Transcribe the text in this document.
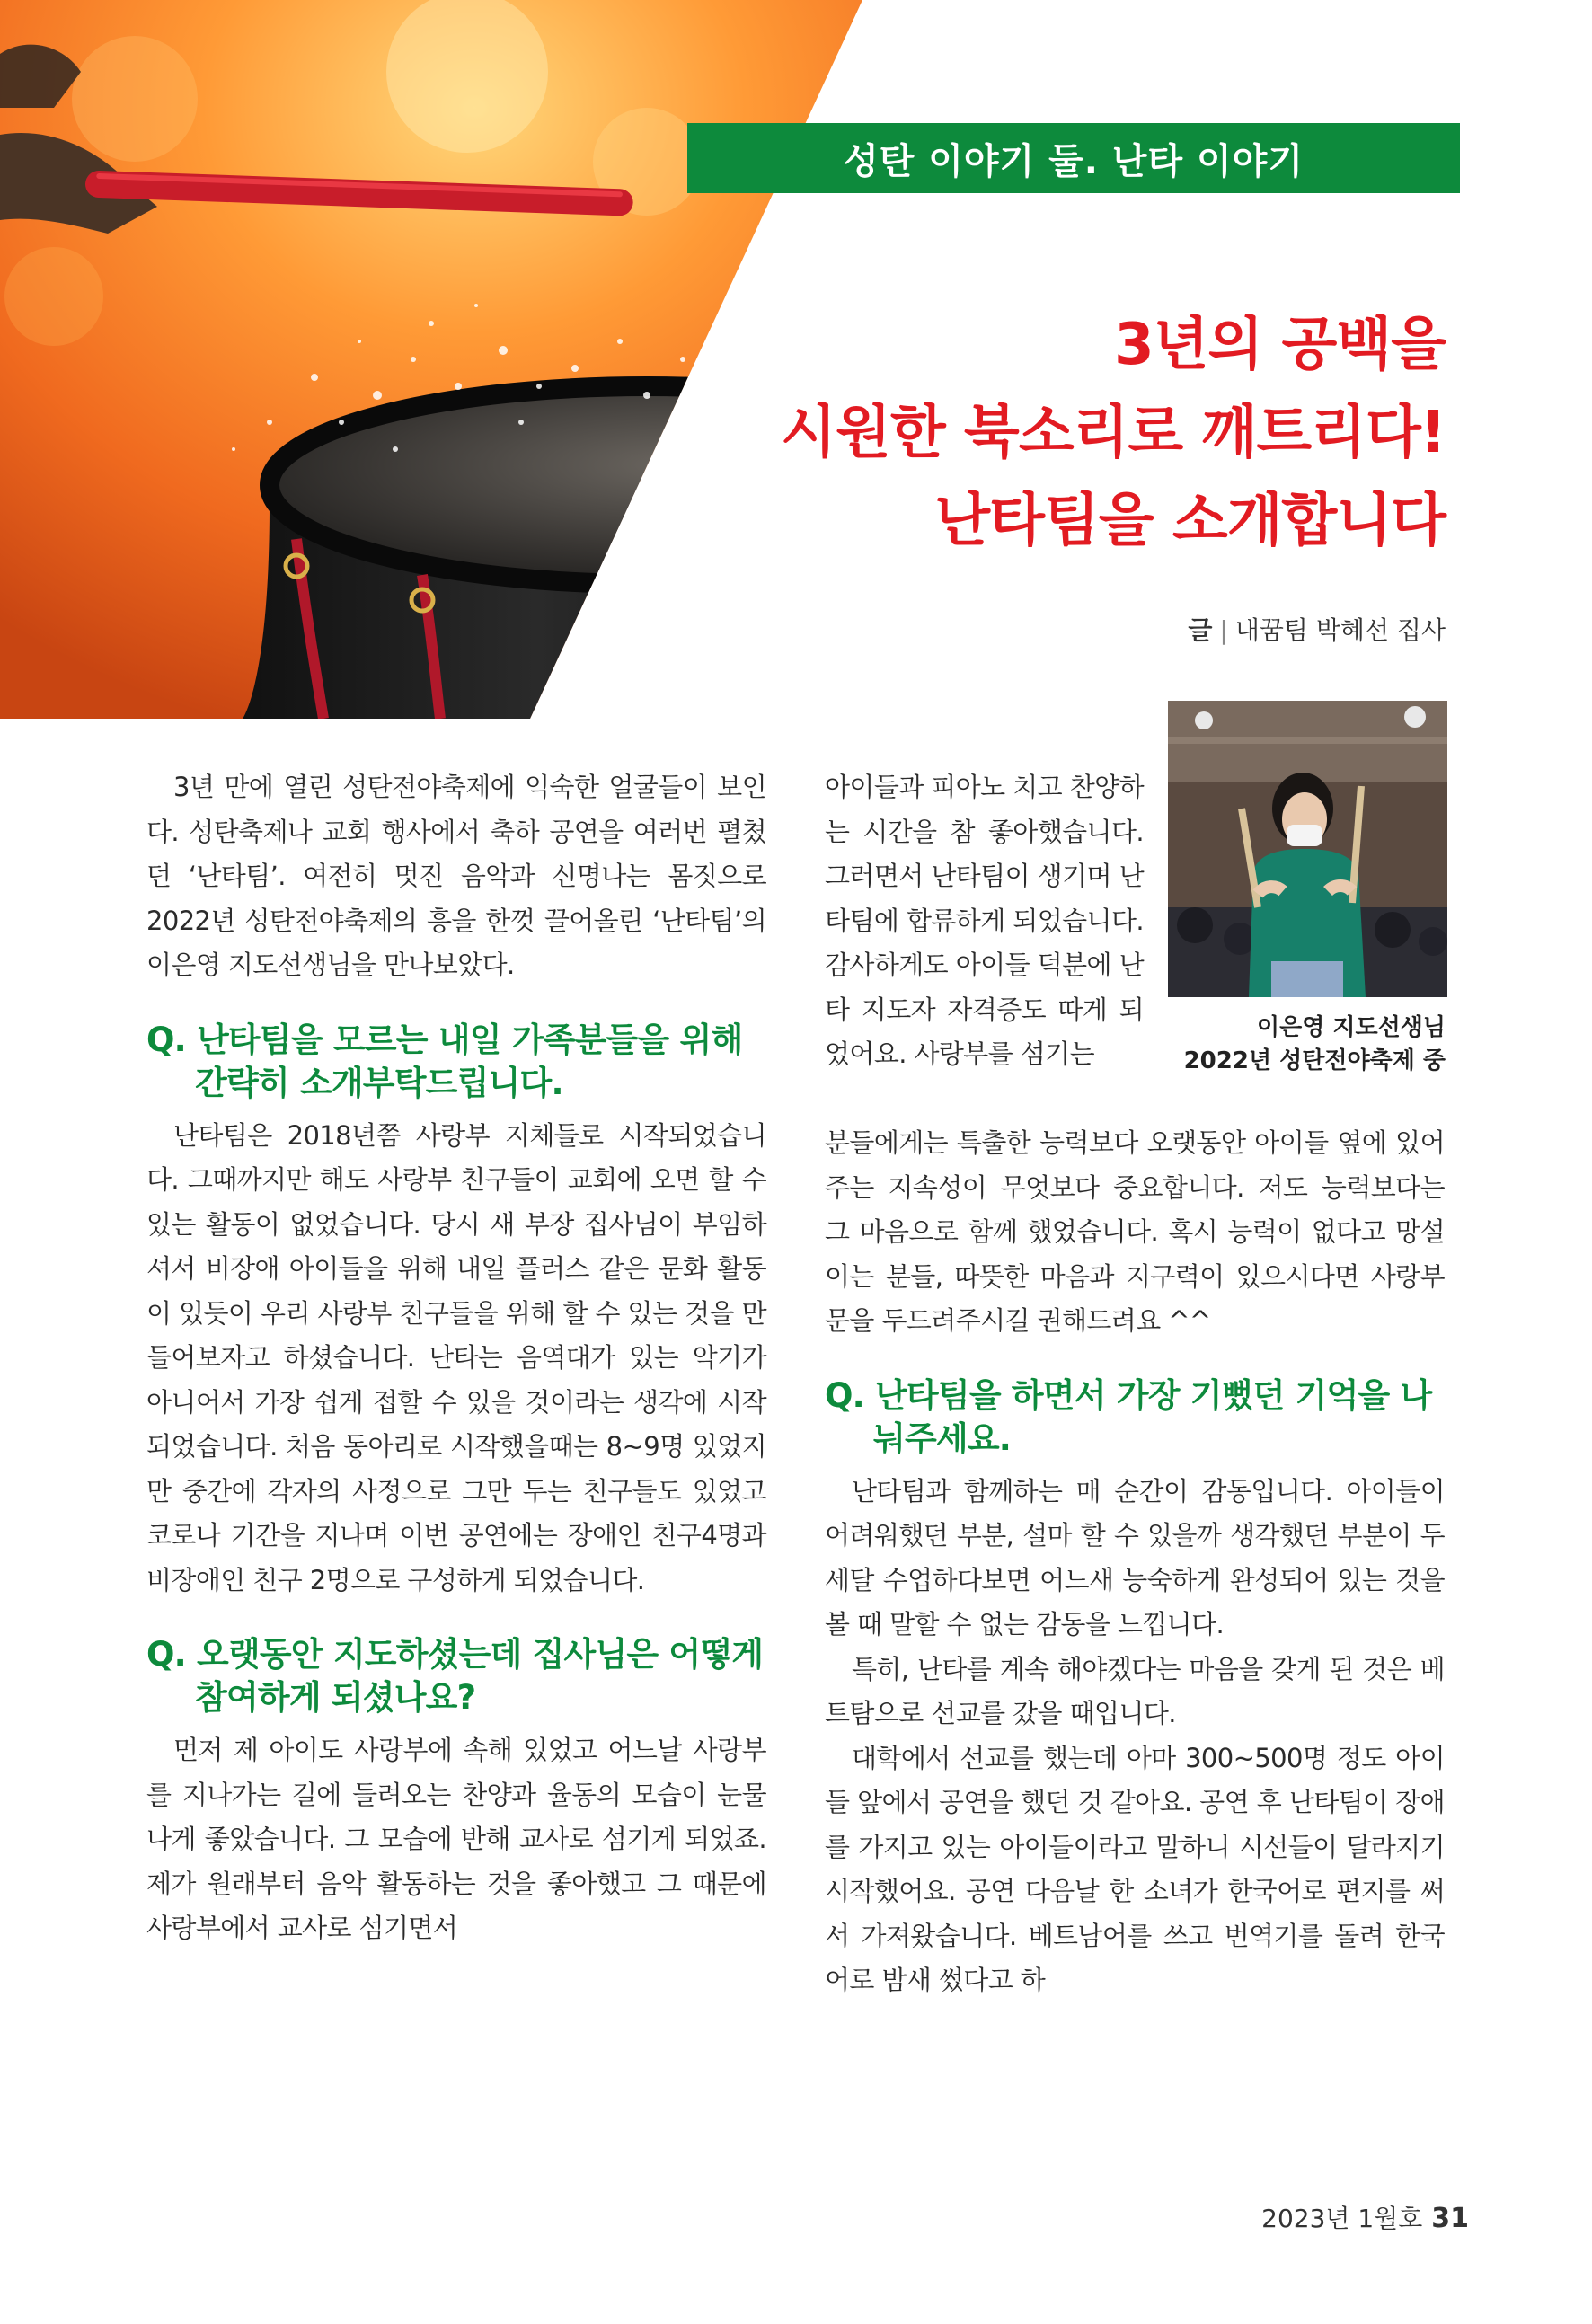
성탄 이야기 둘. 난타 이야기
3년의 공백을
시원한 북소리로 깨트리다!
난타팀을 소개합니다
글 | 내꿈팀 박혜선 집사

3년 만에 열린 성탄전야축제에 익숙한 얼굴들이 보인다. 성탄축제나 교회 행사에서 축하 공연을 여러번 펼쳤던 ‘난타팀’. 여전히 멋진 음악과 신명나는 몸짓으로 2022년 성탄전야축제의 흥을 한껏 끌어올린 ‘난타팀’의 이은영 지도선생님을 만나보았다.

Q. 난타팀을 모르는 내일 가족분들을 위해 간략히 소개부탁드립니다.

난타팀은 2018년쯤 사랑부 지체들로 시작되었습니다. 그때까지만 해도 사랑부 친구들이 교회에 오면 할 수 있는 활동이 없었습니다. 당시 새 부장 집사님이 부임하셔서 비장애 아이들을 위해 내일 플러스 같은 문화 활동이 있듯이 우리 사랑부 친구들을 위해 할 수 있는 것을 만들어보자고 하셨습니다. 난타는 음역대가 있는 악기가 아니어서 가장 쉽게 접할 수 있을 것이라는 생각에 시작되었습니다. 처음 동아리로 시작했을때는 8~9명 있었지만 중간에 각자의 사정으로 그만 두는 친구들도 있었고 코로나 기간을 지나며 이번 공연에는 장애인 친구4명과 비장애인 친구 2명으로 구성하게 되었습니다.

Q. 오랫동안 지도하셨는데 집사님은 어떻게 참여하게 되셨나요?

먼저 제 아이도 사랑부에 속해 있었고 어느날 사랑부를 지나가는 길에 들려오는 찬양과 율동의 모습이 눈물나게 좋았습니다. 그 모습에 반해 교사로 섬기게 되었죠. 제가 원래부터 음악 활동하는 것을 좋아했고 그 때문에 사랑부에서 교사로 섬기면서

아이들과 피아노 치고 찬양하는 시간을 참 좋아했습니다. 그러면서 난타팀이 생기며 난타팀에 합류하게 되었습니다. 감사하게도 아이들 덕분에 난타 지도자 자격증도 따게 되었어요. 사랑부를 섬기는

이은영 지도선생님
2022년 성탄전야축제 중

분들에게는 특출한 능력보다 오랫동안 아이들 옆에 있어주는 지속성이 무엇보다 중요합니다. 저도 능력보다는 그 마음으로 함께 했었습니다. 혹시 능력이 없다고 망설이는 분들, 따뜻한 마음과 지구력이 있으시다면 사랑부 문을 두드려주시길 권해드려요 ^^

Q. 난타팀을 하면서 가장 기뻤던 기억을 나눠주세요.

난타팀과 함께하는 매 순간이 감동입니다. 아이들이 어려워했던 부분, 설마 할 수 있을까 생각했던 부분이 두세달 수업하다보면 어느새 능숙하게 완성되어 있는 것을 볼 때 말할 수 없는 감동을 느낍니다.

특히, 난타를 계속 해야겠다는 마음을 갖게 된 것은 베트탐으로 선교를 갔을 때입니다.

대학에서 선교를 했는데 아마 300~500명 정도 아이들 앞에서 공연을 했던 것 같아요. 공연 후 난타팀이 장애를 가지고 있는 아이들이라고 말하니 시선들이 달라지기 시작했어요. 공연 다음날 한 소녀가 한국어로 편지를 써서 가져왔습니다. 베트남어를 쓰고 번역기를 돌려 한국어로 밤새 썼다고 하

2023년 1월호 31
